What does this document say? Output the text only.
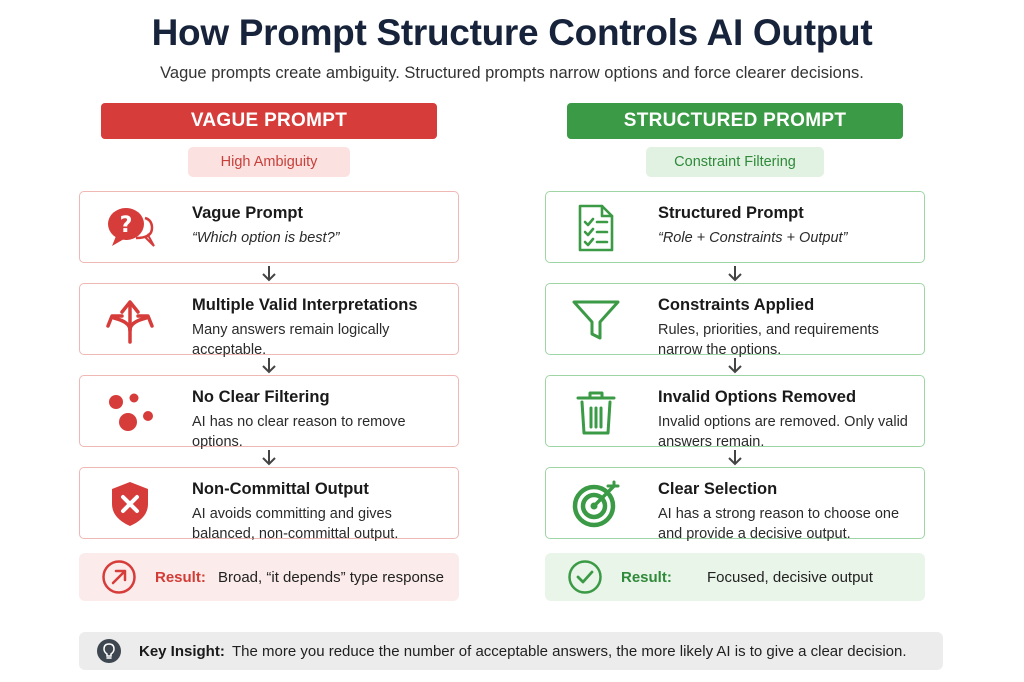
How Prompt Structure Controls AI Output
Vague prompts create ambiguity. Structured prompts narrow options and force clearer decisions.
VAGUE PROMPT
High Ambiguity
?	Vague Prompt
“Which option is best?”
Multiple Valid Interpretations
Many answers remain logically acceptable.
No Clear Filtering
AI has no clear reason to remove options.
Non-Committal Output
AI avoids committing and gives balanced, non-committal output.
Result: Broad, “it depends” type response
STRUCTURED PROMPT
Constraint Filtering
Structured Prompt
“Role + Constraints + Output”
Constraints Applied
Rules, priorities, and requirements narrow the options.
Invalid Options Removed
Invalid options are removed. Only valid answers remain.
Clear Selection
AI has a strong reason to choose one and provide a decisive output.
Result: Focused, decisive output
Key Insight: The more you reduce the number of acceptable answers, the more likely AI is to give a clear decision.
